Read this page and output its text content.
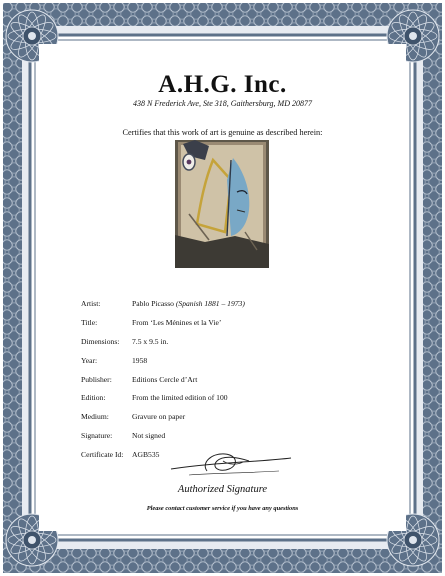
A.H.G. Inc.
438 N Frederick Ave, Ste 318, Gaithersburg, MD 20877
Certifies that this work of art is genuine as described herein:
Artist:	Pablo Picasso (Spanish 1881 – 1973)
Title:	From ‘Les Ménines et la Vie’
Dimensions:	7.5 x 9.5 in.
Year:	1958
Publisher:	Editions Cercle d’Art
Edition:	From the limited edition of 100
Medium:	Gravure on paper
Signature:	Not signed
Certificate Id:	AGB535
Authorized Signature
Please contact customer service if you have any questions
